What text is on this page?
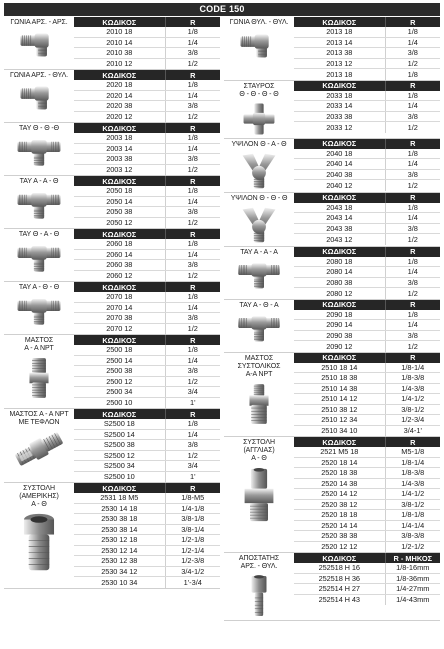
CODE 150
ΓΩΝΙΑ ΑΡΣ. - ΑΡΣ.	ΚΩΔΙΚΟΣ	R
2010 18	1/8
2010 14	1/4
2010 38	3/8
2010 12	1/2
ΓΩΝΙΑ ΑΡΣ. - ΘΥΛ.	ΚΩΔΙΚΟΣ	R
2020 18	1/8
2020 14	1/4
2020 38	3/8
2020 12	1/2
ΤΑΥ Θ - Θ -Θ	ΚΩΔΙΚΟΣ	R
2003 18	1/8
2003 14	1/4
2003 38	3/8
2003 12	1/2
ΤΑΥ Α - Α - Θ	ΚΩΔΙΚΟΣ	R
2050 18	1/8
2050 14	1/4
2050 38	3/8
2050 12	1/2
ΤΑΥ Θ - Α - Θ	ΚΩΔΙΚΟΣ	R
2060 18	1/8
2060 14	1/4
2060 38	3/8
2060 12	1/2
ΤΑΥ Α - Θ - Θ	ΚΩΔΙΚΟΣ	R
2070 18	1/8
2070 14	1/4
2070 38	3/8
2070 12	1/2
ΜΑΣΤΟΣ
Α - Α NPT
ΚΩΔΙΚΟΣ	R
2500 18	1/8
2500 14	1/4
2500 38	3/8
2500 12	1/2
2500 34	3/4
2500 10	1'
ΜΑΣΤΟΣ Α - Α NPT
ΜΕ ΤΕΦΛΟΝ
ΚΩΔΙΚΟΣ	R
S2500 18	1/8
S2500 14	1/4
S2500 38	3/8
S2500 12	1/2
S2500 34	3/4
S2500 10	1'
ΣΥΣΤΟΛΗ
(ΑΜΕΡΙΚΗΣ)
Α - Θ
ΚΩΔΙΚΟΣ	R
2531 18 M5	1/8-M5
2530 14 18	1/4-1/8
2530 38 18	3/8-1/8
2530 38 14	3/8-1/4
2530 12 18	1/2-1/8
2530 12 14	1/2-1/4
2530 12 38	1/2-3/8
2530 34 12	3/4-1/2
2530 10 34	1'-3/4
ΓΩΝΙΑ ΘΥΛ. - ΘΥΛ.	ΚΩΔΙΚΟΣ	R
2013 18	1/8
2013 14	1/4
2013 38	3/8
2013 12	1/2
2013 18	1/8
ΣΤΑΥΡΟΣ
Θ - Θ - Θ - Θ
ΚΩΔΙΚΟΣ	R
2033 18	1/8
2033 14	1/4
2033 38	3/8
2033 12	1/2
ΥΨΙΛΟΝ Θ - Α - Θ	ΚΩΔΙΚΟΣ	R
2040 18	1/8
2040 14	1/4
2040 38	3/8
2040 12	1/2
ΥΨΙΛΟΝ Θ - Θ - Θ	ΚΩΔΙΚΟΣ	R
2043 18	1/8
2043 14	1/4
2043 38	3/8
2043 12	1/2
ΤΑΥ Α - Α - Α	ΚΩΔΙΚΟΣ	R
2080 18	1/8
2080 14	1/4
2080 38	3/8
2080 12	1/2
ΤΑΥ Α - Θ - Α	ΚΩΔΙΚΟΣ	R
2090 18	1/8
2090 14	1/4
2090 38	3/8
2090 12	1/2
ΜΑΣΤΟΣ
ΣΥΣΤΟΛΙΚΟΣ
Α-Α NPT
ΚΩΔΙΚΟΣ	R
2510 18 14	1/8-1/4
2510 18 38	1/8-3/8
2510 14 38	1/4-3/8
2510 14 12	1/4-1/2
2510 38 12	3/8-1/2
2510 12 34	1/2-3/4
2510 34 10	3/4-1'
ΣΥΣΤΟΛΗ
(ΑΓΓΛΙΑΣ)
Α - Θ
ΚΩΔΙΚΟΣ	R
2521 M5 18	M5-1/8
2520 18 14	1/8-1/4
2520 18 38	1/8-3/8
2520 14 38	1/4-3/8
2520 14 12	1/4-1/2
2520 38 12	3/8-1/2
2520 18 18	1/8-1/8
2520 14 14	1/4-1/4
2520 38 38	3/8-3/8
2520 12 12	1/2-1/2
ΑΠΟΣΤΑΤΗΣ
ΑΡΣ. - ΘΥΛ.
ΚΩΔΙΚΟΣ	R - ΜΗΚΟΣ
252518 H 16	1/8-16mm
252518 H 36	1/8-36mm
252514 H 27	1/4-27mm
252514 H 43	1/4-43mm
